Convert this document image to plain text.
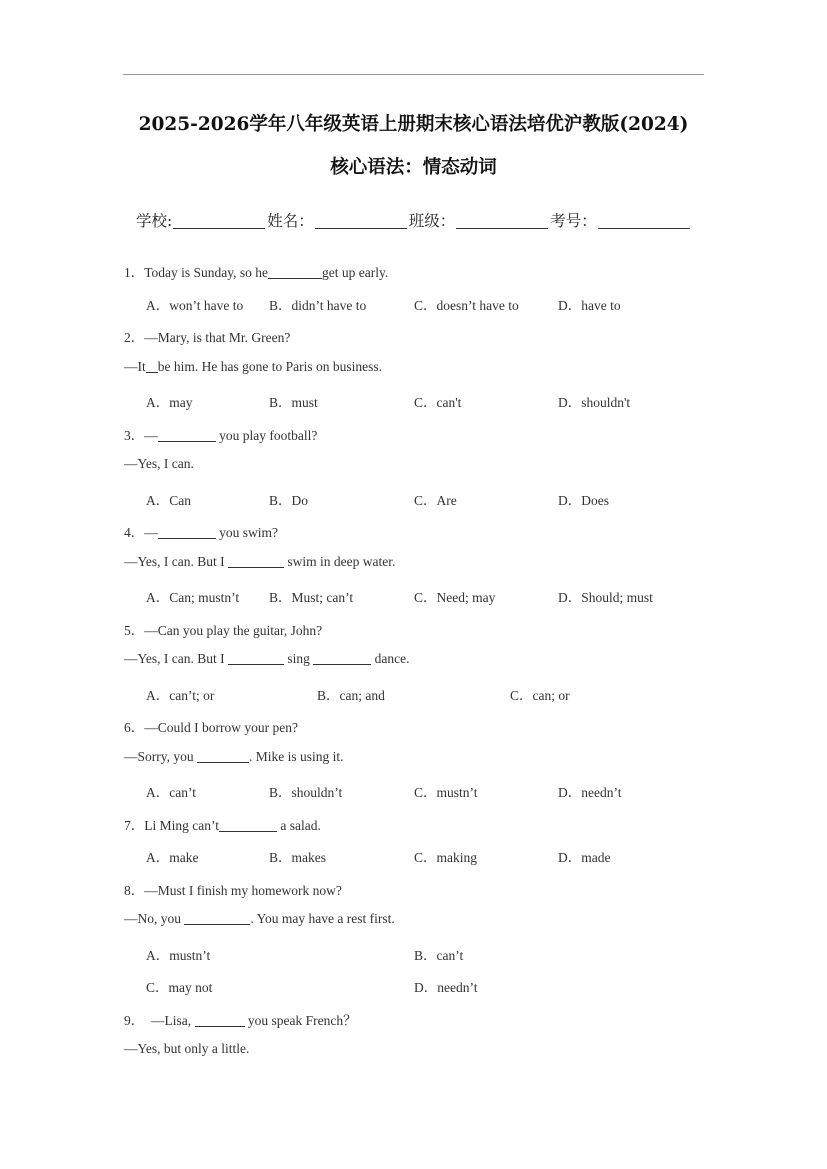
2025-2026学年八年级英语上册期末核心语法培优沪教版(2024)
核心语法：情态动词
学校:	姓名：	班级：	考号：
1．Today is Sunday, so he	get up early.
A．won’t have to B．didn’t have to	C．doesn’t have to	D．have to
2．—Mary, is that Mr. Green?
—It be him. He has gone to Paris on business.
A．may	B．must	C．can't	D．shouldn't
3．—	you play football?
—Yes, I can.
A．Can	B．Do	C．Are	D．Does
4．—	you swim?
—Yes, I can. But I	swim in deep water.
A．Can; mustn’t B．Must; can’t	C．Need; may	D．Should; must
5．—Can you play the guitar, John?
—Yes, I can. But I	sing	dance.
A．can’t; or	B．can; and	C．can; or
6．—Could I borrow your pen?
—Sorry, you	. Mike is using it.
A．can’t	B．shouldn’t	C．mustn’t	D．needn’t
7．Li Ming can’t	a salad.
A．make	B．makes	C．making	D．made
8．—Must I finish my homework now?
—No, you	. You may have a rest first.
A．mustn’t	B．can’t
C．may not	D．needn’t
9． —Lisa,	you speak French？
—Yes, but only a little.
